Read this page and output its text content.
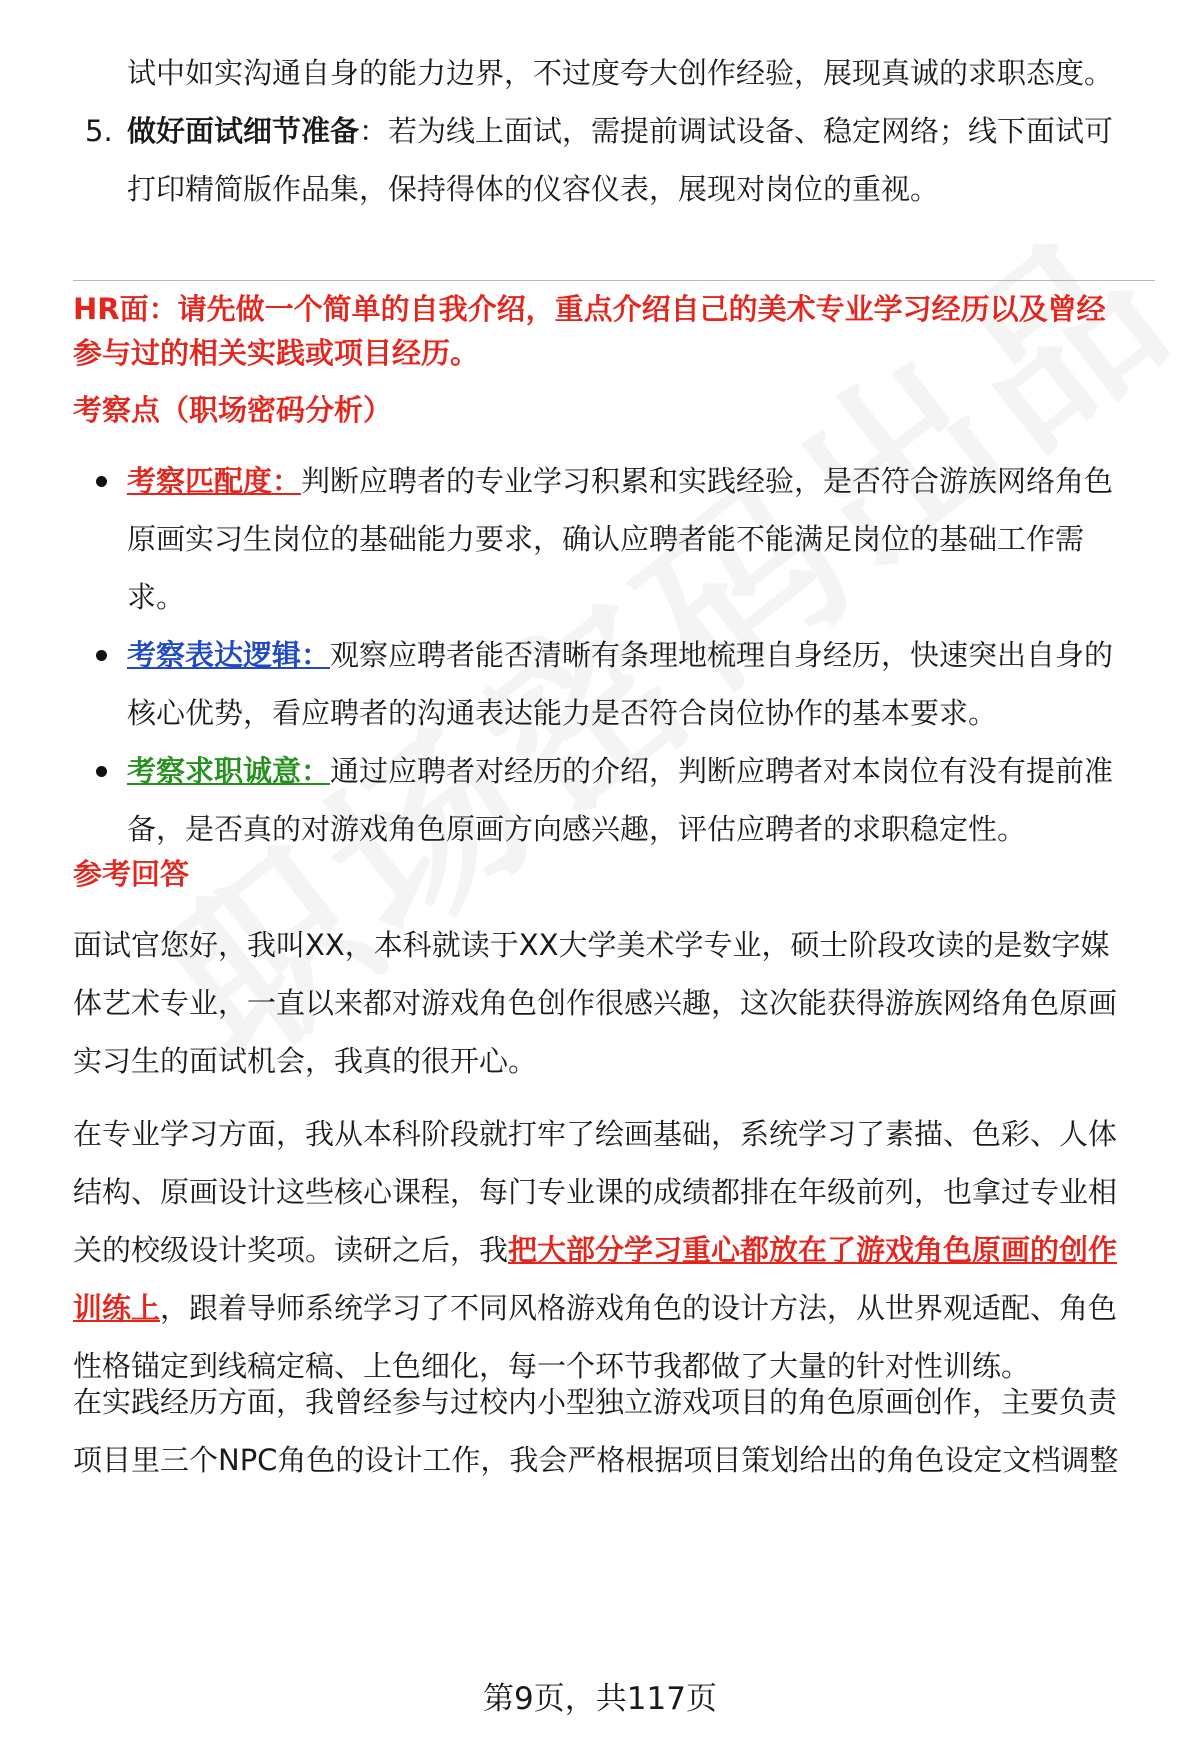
试中如实沟通自身的能力边界，不过度夸大创作经验，展现真诚的求职态度。

5. 做好面试细节准备：若为线上面试，需提前调试设备、稳定网络；线下面试可

打印精简版作品集，保持得体的仪容仪表，展现对岗位的重视。

HR面：请先做一个简单的自我介绍，重点介绍自己的美术专业学习经历以及曾经

参与过的相关实践或项目经历。

考察点（职场密码分析）

考察匹配度：判断应聘者的专业学习积累和实践经验，是否符合游族网络角色

原画实习生岗位的基础能力要求，确认应聘者能不能满足岗位的基础工作需

求。

考察表达逻辑：观察应聘者能否清晰有条理地梳理自身经历，快速突出自身的

核心优势，看应聘者的沟通表达能力是否符合岗位协作的基本要求。

考察求职诚意：通过应聘者对经历的介绍，判断应聘者对本岗位有没有提前准

备，是否真的对游戏角色原画方向感兴趣，评估应聘者的求职稳定性。

参考回答

面试官您好，我叫XX，本科就读于XX大学美术学专业，硕士阶段攻读的是数字媒

体艺术专业，一直以来都对游戏角色创作很感兴趣，这次能获得游族网络角色原画

实习生的面试机会，我真的很开心。

在专业学习方面，我从本科阶段就打牢了绘画基础，系统学习了素描、色彩、人体

结构、原画设计这些核心课程，每门专业课的成绩都排在年级前列，也拿过专业相

关的校级设计奖项。读研之后，我把大部分学习重心都放在了游戏角色原画的创作

训练上，跟着导师系统学习了不同风格游戏角色的设计方法，从世界观适配、角色

性格锚定到线稿定稿、上色细化，每一个环节我都做了大量的针对性训练。

在实践经历方面，我曾经参与过校内小型独立游戏项目的角色原画创作，主要负责

项目里三个NPC角色的设计工作，我会严格根据项目策划给出的角色设定文档调整

第9页，共117页
